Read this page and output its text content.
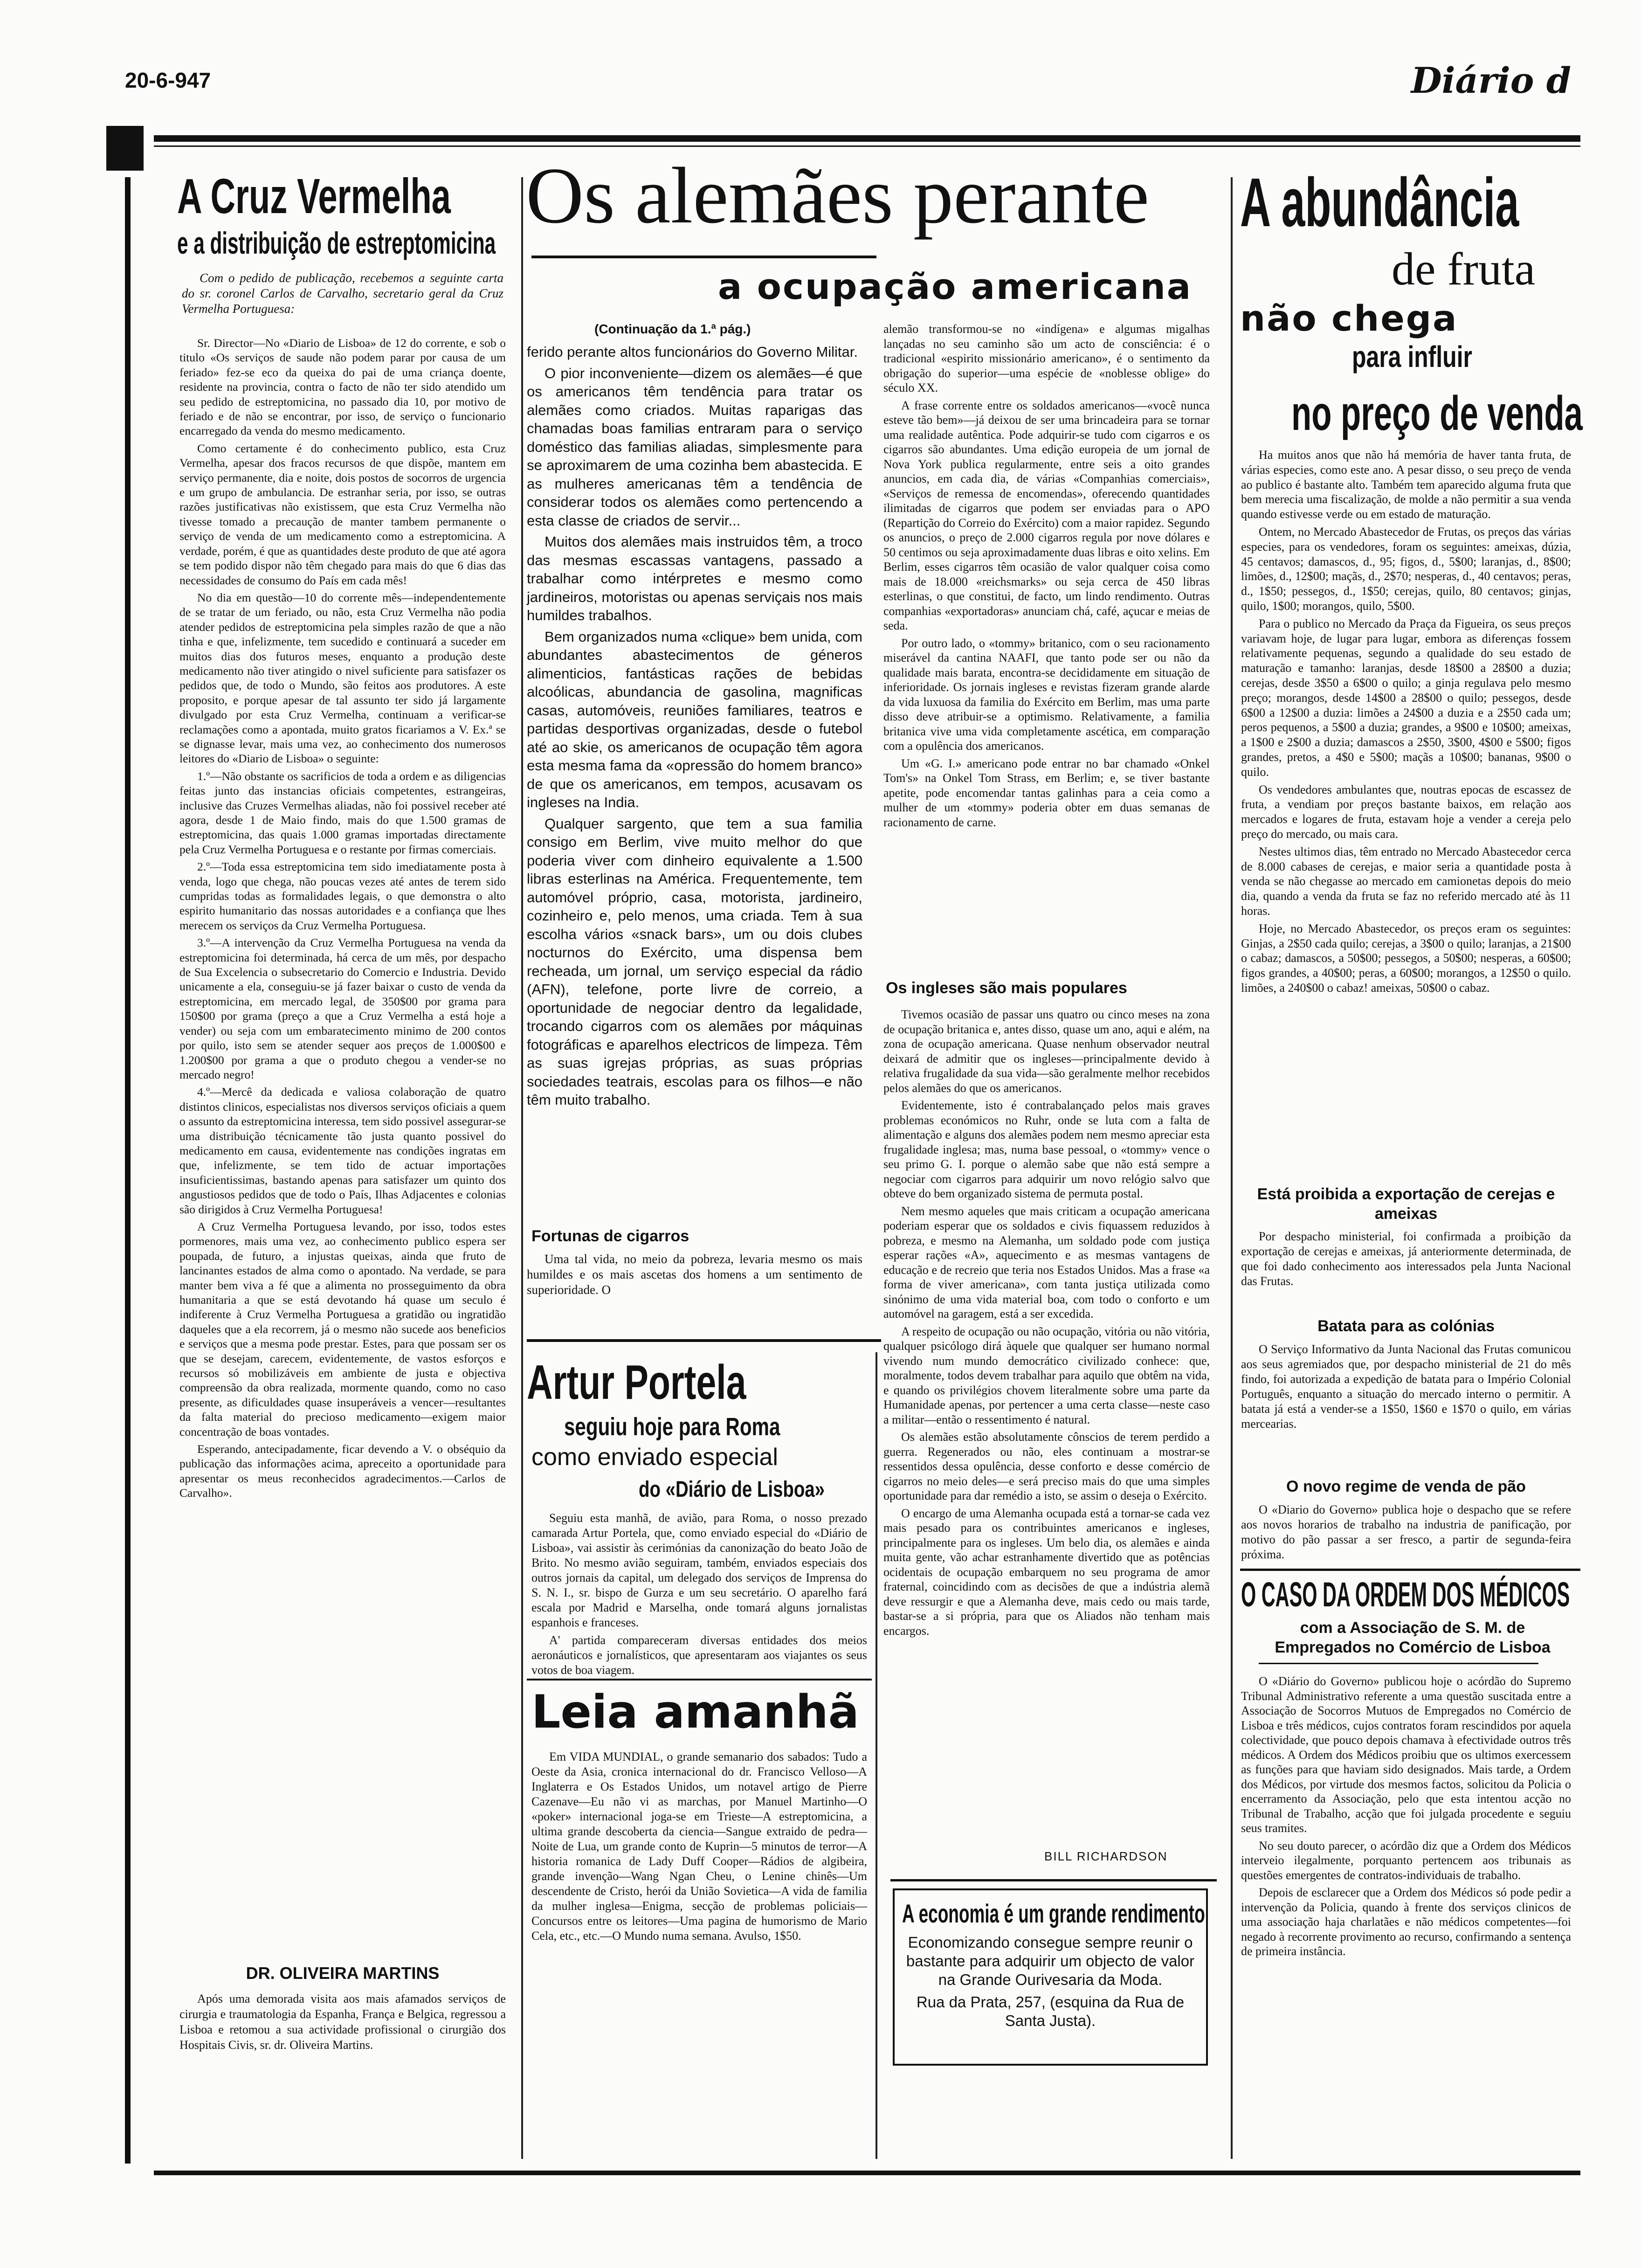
20-6-947	Diário d
A Cruz Vermelha
e a distribuição de estreptomicina
Com o pedido de publicação, recebemos a seguinte carta do sr. coronel Carlos de Carvalho, secretario geral da Cruz Vermelha Portuguesa:

Sr. Director—No «Diario de Lisboa» de 12 do corrente, e sob o titulo «Os serviços de saude não podem parar por causa de um feriado» fez-se eco da queixa do pai de uma criança doente, residente na provincia, contra o facto de não ter sido atendido um seu pedido de estreptomicina, no passado dia 10, por motivo de feriado e de não se encontrar, por isso, de serviço o funcionario encarregado da venda do mesmo medicamento.

Como certamente é do conhecimento publico, esta Cruz Vermelha, apesar dos fracos recursos de que dispõe, mantem em serviço permanente, dia e noite, dois postos de socorros de urgencia e um grupo de ambulancia. De estranhar seria, por isso, se outras razões justificativas não existissem, que esta Cruz Vermelha não tivesse tomado a precaução de manter tambem permanente o serviço de venda de um medicamento como a estreptomicina. A verdade, porém, é que as quantidades deste produto de que até agora se tem podido dispor não têm chegado para mais do que 6 dias das necessidades de consumo do País em cada mês!

No dia em questão—10 do corrente mês—independentemente de se tratar de um feriado, ou não, esta Cruz Vermelha não podia atender pedidos de estreptomicina pela simples razão de que a não tinha e que, infelizmente, tem sucedido e continuará a suceder em muitos dias dos futuros meses, enquanto a produção deste medicamento não tiver atingido o nivel suficiente para satisfazer os pedidos que, de todo o Mundo, são feitos aos produtores. A este proposito, e porque apesar de tal assunto ter sido já largamente divulgado por esta Cruz Vermelha, continuam a verificar-se reclamações como a apontada, muito gratos ficariamos a V. Ex.ª se se dignasse levar, mais uma vez, ao conhecimento dos numerosos leitores do «Diario de Lisboa» o seguinte:

1.º—Não obstante os sacrificios de toda a ordem e as diligencias feitas junto das instancias oficiais competentes, estrangeiras, inclusive das Cruzes Vermelhas aliadas, não foi possivel receber até agora, desde 1 de Maio findo, mais do que 1.500 gramas de estreptomicina, das quais 1.000 gramas importadas directamente pela Cruz Vermelha Portuguesa e o restante por firmas comerciais.

2.º—Toda essa estreptomicina tem sido imediatamente posta à venda, logo que chega, não poucas vezes até antes de terem sido cumpridas todas as formalidades legais, o que demonstra o alto espirito humanitario das nossas autoridades e a confiança que lhes merecem os serviços da Cruz Vermelha Portuguesa.

3.º—A intervenção da Cruz Vermelha Portuguesa na venda da estreptomicina foi determinada, há cerca de um mês, por despacho de Sua Excelencia o subsecretario do Comercio e Industria. Devido unicamente a ela, conseguiu-se já fazer baixar o custo de venda da estreptomicina, em mercado legal, de 350$00 por grama para 150$00 por grama (preço a que a Cruz Vermelha a está hoje a vender) ou seja com um embaratecimento minimo de 200 contos por quilo, isto sem se atender sequer aos preços de 1.000$00 e 1.200$00 por grama a que o produto chegou a vender-se no mercado negro!

4.º—Mercê da dedicada e valiosa colaboração de quatro distintos clinicos, especialistas nos diversos serviços oficiais a quem o assunto da estreptomicina interessa, tem sido possivel assegurar-se uma distribuição técnicamente tão justa quanto possivel do medicamento em causa, evidentemente nas condições ingratas em que, infelizmente, se tem tido de actuar importações insuficientissimas, bastando apenas para satisfazer um quinto dos angustiosos pedidos que de todo o País, Ilhas Adjacentes e colonias são dirigidos à Cruz Vermelha Portuguesa!

A Cruz Vermelha Portuguesa levando, por isso, todos estes pormenores, mais uma vez, ao conhecimento publico espera ser poupada, de futuro, a injustas queixas, ainda que fruto de lancinantes estados de alma como o apontado. Na verdade, se para manter bem viva a fé que a alimenta no prosseguimento da obra humanitaria a que se está devotando há quase um seculo é indiferente à Cruz Vermelha Portuguesa a gratidão ou ingratidão daqueles que a ela recorrem, já o mesmo não sucede aos beneficios e serviços que a mesma pode prestar. Estes, para que possam ser os que se desejam, carecem, evidentemente, de vastos esforços e recursos só mobilizáveis em ambiente de justa e objectiva compreensão da obra realizada, mormente quando, como no caso presente, as dificuldades quase insuperáveis a vencer—resultantes da falta material do precioso medicamento—exigem maior concentração de boas vontades.

Esperando, antecipadamente, ficar devendo a V. o obséquio da publicação das informações acima, apreceito a oportunidade para apresentar os meus reconhecidos agradecimentos.—Carlos de Carvalho».

DR. OLIVEIRA MARTINS

Após uma demorada visita aos mais afamados serviços de cirurgia e traumatologia da Espanha, França e Belgica, regressou a Lisboa e retomou a sua actividade profissional o cirurgião dos Hospitais Civis, sr. dr. Oliveira Martins.

Os alemães perante
a ocupação americana
(Continuação da 1.ª pág.)

ferido perante altos funcionários do Governo Militar.

O pior inconveniente—dizem os alemães—é que os americanos têm tendência para tratar os alemães como criados. Muitas raparigas das chamadas boas familias entraram para o serviço doméstico das familias aliadas, simplesmente para se aproximarem de uma cozinha bem abastecida. E as mulheres americanas têm a tendência de considerar todos os alemães como pertencendo a esta classe de criados de servir...

Muitos dos alemães mais instruidos têm, a troco das mesmas escassas vantagens, passado a trabalhar como intérpretes e mesmo como jardineiros, motoristas ou apenas serviçais nos mais humildes trabalhos.

Bem organizados numa «clique» bem unida, com abundantes abastecimentos de géneros alimenticios, fantásticas rações de bebidas alcoólicas, abundancia de gasolina, magnificas casas, automóveis, reuniões familiares, teatros e partidas desportivas organizadas, desde o futebol até ao skie, os americanos de ocupação têm agora esta mesma fama da «opressão do homem branco» de que os americanos, em tempos, acusavam os ingleses na India.

Qualquer sargento, que tem a sua familia consigo em Berlim, vive muito melhor do que poderia viver com dinheiro equivalente a 1.500 libras esterlinas na América. Frequentemente, tem automóvel próprio, casa, motorista, jardineiro, cozinheiro e, pelo menos, uma criada. Tem à sua escolha vários «snack bars», um ou dois clubes nocturnos do Exército, uma dispensa bem recheada, um jornal, um serviço especial da rádio (AFN), telefone, porte livre de correio, a oportunidade de negociar dentro da legalidade, trocando cigarros com os alemães por máquinas fotográficas e aparelhos electricos de limpeza. Têm as suas igrejas próprias, as suas próprias sociedades teatrais, escolas para os filhos—e não têm muito trabalho.

Fortunas de cigarros

Uma tal vida, no meio da pobreza, levaria mesmo os mais humildes e os mais ascetas dos homens a um sentimento de superioridade. O

alemão transformou-se no «indígena» e algumas migalhas lançadas no seu caminho são um acto de consciência: é o tradicional «espirito missionário americano», é o sentimento da obrigação do superior—uma espécie de «noblesse oblige» do século XX.

A frase corrente entre os soldados americanos—«você nunca esteve tão bem»—já deixou de ser uma brincadeira para se tornar uma realidade autêntica. Pode adquirir-se tudo com cigarros e os cigarros são abundantes. Uma edição europeia de um jornal de Nova York publica regularmente, entre seis a oito grandes anuncios, em cada dia, de várias «Companhias comerciais», «Serviços de remessa de encomendas», oferecendo quantidades ilimitadas de cigarros que podem ser enviadas para o APO (Repartição do Correio do Exército) com a maior rapidez. Segundo os anuncios, o preço de 2.000 cigarros regula por nove dólares e 50 centimos ou seja aproximadamente duas libras e oito xelins. Em Berlim, esses cigarros têm ocasião de valor qualquer coisa como mais de 18.000 «reichsmarks» ou seja cerca de 450 libras esterlinas, o que constitui, de facto, um lindo rendimento. Outras companhias «exportadoras» anunciam chá, café, açucar e meias de seda.

Por outro lado, o «tommy» britanico, com o seu racionamento miserável da cantina NAAFI, que tanto pode ser ou não da qualidade mais barata, encontra-se decididamente em situação de inferioridade. Os jornais ingleses e revistas fizeram grande alarde da vida luxuosa da familia do Exército em Berlim, mas uma parte disso deve atribuir-se a optimismo. Relativamente, a familia britanica vive uma vida completamente ascética, em comparação com a opulência dos americanos.

Um «G. I.» americano pode entrar no bar chamado «Onkel Tom's» na Onkel Tom Strass, em Berlim; e, se tiver bastante apetite, pode encomendar tantas galinhas para a ceia como a mulher de um «tommy» poderia obter em duas semanas de racionamento de carne.

Os ingleses são mais populares

Tivemos ocasião de passar uns quatro ou cinco meses na zona de ocupação britanica e, antes disso, quase um ano, aqui e além, na zona de ocupação americana. Quase nenhum observador neutral deixará de admitir que os ingleses—principalmente devido à relativa frugalidade da sua vida—são geralmente melhor recebidos pelos alemães do que os americanos.

Evidentemente, isto é contrabalançado pelos mais graves problemas económicos no Ruhr, onde se luta com a falta de alimentação e alguns dos alemães podem nem mesmo apreciar esta frugalidade inglesa; mas, numa base pessoal, o «tommy» vence o seu primo G. I. porque o alemão sabe que não está sempre a negociar com cigarros para adquirir um novo relógio salvo que obteve do bem organizado sistema de permuta postal.

Nem mesmo aqueles que mais criticam a ocupação americana poderiam esperar que os soldados e civis fiquassem reduzidos à pobreza, e mesmo na Alemanha, um soldado pode com justiça esperar rações «A», aquecimento e as mesmas vantagens de educação e de recreio que teria nos Estados Unidos. Mas a frase «a forma de viver americana», com tanta justiça utilizada como sinónimo de uma vida material boa, com todo o conforto e um automóvel na garagem, está a ser excedida.

A respeito de ocupação ou não ocupação, vitória ou não vitória, qualquer psicólogo dirá àquele que qualquer ser humano normal vivendo num mundo democrático civilizado conhece: que, moralmente, todos devem trabalhar para aquilo que obtêm na vida, e quando os privilégios chovem literalmente sobre uma parte da Humanidade apenas, por pertencer a uma certa classe—neste caso a militar—então o ressentimento é natural.

Os alemães estão absolutamente cônscios de terem perdido a guerra. Regenerados ou não, eles continuam a mostrar-se ressentidos dessa opulência, desse conforto e desse comércio de cigarros no meio deles—e será preciso mais do que uma simples oportunidade para dar remédio a isto, se assim o deseja o Exército.

O encargo de uma Alemanha ocupada está a tornar-se cada vez mais pesado para os contribuintes americanos e ingleses, principalmente para os ingleses. Um belo dia, os alemães e ainda muita gente, vão achar estranhamente divertido que as potências ocidentais de ocupação embarquem no seu programa de amor fraternal, coincidindo com as decisões de que a indústria alemã deve ressurgir e que a Alemanha deve, mais cedo ou mais tarde, bastar-se a si própria, para que os Aliados não tenham mais encargos.

BILL RICHARDSON
Artur Portela
seguiu hoje para Roma
como enviado especial
do «Diário de Lisboa»

Seguiu esta manhã, de avião, para Roma, o nosso prezado camarada Artur Portela, que, como enviado especial do «Diário de Lisboa», vai assistir às cerimónias da canonização do beato João de Brito. No mesmo avião seguiram, também, enviados especiais dos outros jornais da capital, um delegado dos serviços de Imprensa do S. N. I., sr. bispo de Gurza e um seu secretário. O aparelho fará escala por Madrid e Marselha, onde tomará alguns jornalistas espanhois e franceses.

A' partida compareceram diversas entidades dos meios aeronáuticos e jornalísticos, que apresentaram aos viajantes os seus votos de boa viagem.

Leia amanhã

Em VIDA MUNDIAL, o grande semanario dos sabados: Tudo a Oeste da Asia, cronica internacional do dr. Francisco Velloso—A Inglaterra e Os Estados Unidos, um notavel artigo de Pierre Cazenave—Eu não vi as marchas, por Manuel Martinho—O «poker» internacional joga-se em Trieste—A estreptomicina, a ultima grande descoberta da ciencia—Sangue extraido de pedra—Noite de Lua, um grande conto de Kuprin—5 minutos de terror—A historia romanica de Lady Duff Cooper—Rádios de algibeira, grande invenção—Wang Ngan Cheu, o Lenine chinês—Um descendente de Cristo, herói da União Sovietica—A vida de familia da mulher inglesa—Enigma, secção de problemas policiais—Concursos entre os leitores—Uma pagina de humorismo de Mario Cela, etc., etc.—O Mundo numa semana. Avulso, 1$50.

A economia é um grande rendimento
Economizando consegue sempre reunir o bastante para adquirir um objecto de valor na Grande Ourivesaria da Moda.
Rua da Prata, 257, (esquina da Rua de Santa Justa).
A abundância
de fruta
não chega
para influir
no preço de venda

Ha muitos anos que não há memória de haver tanta fruta, de várias especies, como este ano. A pesar disso, o seu preço de venda ao publico é bastante alto. Também tem aparecido alguma fruta que bem merecia uma fiscalização, de molde a não permitir a sua venda quando estivesse verde ou em estado de maturação.

Ontem, no Mercado Abastecedor de Frutas, os preços das várias especies, para os vendedores, foram os seguintes: ameixas, dúzia, 45 centavos; damascos, d., 95; figos, d., 5$00; laranjas, d., 8$00; limões, d., 12$00; maçãs, d., 2$70; nesperas, d., 40 centavos; peras, d., 1$50; pessegos, d., 1$50; cerejas, quilo, 80 centavos; ginjas, quilo, 1$00; morangos, quilo, 5$00.

Para o publico no Mercado da Praça da Figueira, os seus preços variavam hoje, de lugar para lugar, embora as diferenças fossem relativamente pequenas, segundo a qualidade do seu estado de maturação e tamanho: laranjas, desde 18$00 a 28$00 a duzia; cerejas, desde 3$50 a 6$00 o quilo; a ginja regulava pelo mesmo preço; morangos, desde 14$00 a 28$00 o quilo; pessegos, desde 6$00 a 12$00 a duzia: limões a 24$00 a duzia e a 2$50 cada um; peros pequenos, a 5$00 a duzia; grandes, a 9$00 e 10$00; ameixas, a 1$00 e 2$00 a duzia; damascos a 2$50, 3$00, 4$00 e 5$00; figos grandes, pretos, a 4$0 e 5$00; maçãs a 10$00; bananas, 9$00 o quilo.

Os vendedores ambulantes que, noutras epocas de escassez de fruta, a vendiam por preços bastante baixos, em relação aos mercados e logares de fruta, estavam hoje a vender a cereja pelo preço do mercado, ou mais cara.

Nestes ultimos dias, têm entrado no Mercado Abastecedor cerca de 8.000 cabases de cerejas, e maior seria a quantidade posta à venda se não chegasse ao mercado em camionetas depois do meio dia, quando a venda da fruta se faz no referido mercado até às 11 horas.

Hoje, no Mercado Abastecedor, os preços eram os seguintes: Ginjas, a 2$50 cada quilo; cerejas, a 3$00 o quilo; laranjas, a 21$00 o cabaz; damascos, a 50$00; pessegos, a 50$00; nesperas, a 60$00; figos grandes, a 40$00; peras, a 60$00; morangos, a 12$50 o quilo. limões, a 240$00 o cabaz! ameixas, 50$00 o cabaz.

Está proibida a exportação de cerejas e ameixas

Por despacho ministerial, foi confirmada a proibição da exportação de cerejas e ameixas, já anteriormente determinada, de que foi dado conhecimento aos interessados pela Junta Nacional das Frutas.

Batata para as colónias

O Serviço Informativo da Junta Nacional das Frutas comunicou aos seus agremiados que, por despacho ministerial de 21 do mês findo, foi autorizada a expedição de batata para o Império Colonial Português, enquanto a situação do mercado interno o permitir. A batata já está a vender-se a 1$50, 1$60 e 1$70 o quilo, em várias mercearias.

O novo regime de venda de pão

O «Diario do Governo» publica hoje o despacho que se refere aos novos horarios de trabalho na industria de panificação, por motivo do pão passar a ser fresco, a partir de segunda-feira próxima.

O CASO DA ORDEM DOS MÉDICOS
com a Associação de S. M. de Empregados no Comércio de Lisboa

O «Diário do Governo» publicou hoje o acórdão do Supremo Tribunal Administrativo referente a uma questão suscitada entre a Associação de Socorros Mutuos de Empregados no Comércio de Lisboa e três médicos, cujos contratos foram rescindidos por aquela colectividade, que pouco depois chamava à efectividade outros três médicos. A Ordem dos Médicos proibiu que os ultimos exercessem as funções para que haviam sido designados. Mais tarde, a Ordem dos Médicos, por virtude dos mesmos factos, solicitou da Policia o encerramento da Associação, pelo que esta intentou acção no Tribunal de Trabalho, acção que foi julgada procedente e seguiu seus tramites.

No seu douto parecer, o acórdão diz que a Ordem dos Médicos interveio ilegalmente, porquanto pertencem aos tribunais as questões emergentes de contratos-individuais de trabalho.

Depois de esclarecer que a Ordem dos Médicos só pode pedir a intervenção da Policia, quando à frente dos serviços clinicos de uma associação haja charlatães e não médicos competentes—foi negado à recorrente provimento ao recurso, confirmando a sentença de primeira instância.
